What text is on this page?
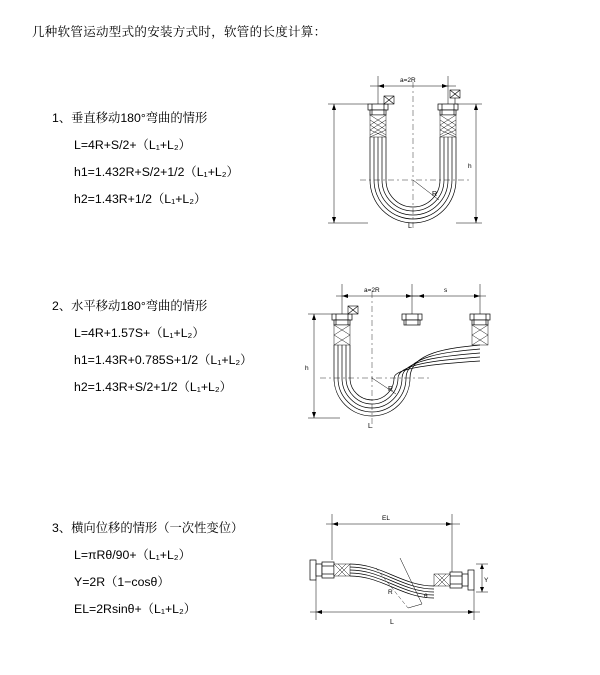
几种软管运动型式的安装方式时，软管的长度计算：

1、垂直移动180°弯曲的情形

L=4R+S/2+（L₁+L₂）

h1=1.432R+S/2+1/2（L₁+L₂）

h2=1.43R+1/2（L₁+L₂）

a=2R
R
L
h

2、水平移动180°弯曲的情形

L=4R+1.57S+（L₁+L₂）

h1=1.43R+0.785S+1/2（L₁+L₂）

h2=1.43R+S/2+1/2（L₁+L₂）

a=2R	s
R
L
h

3、横向位移的情形（一次性变位）

L=πRθ/90+（L₁+L₂）

Y=2R（1−cosθ）

EL=2Rsinθ+（L₁+L₂）

EL
Y
L
θ
R
